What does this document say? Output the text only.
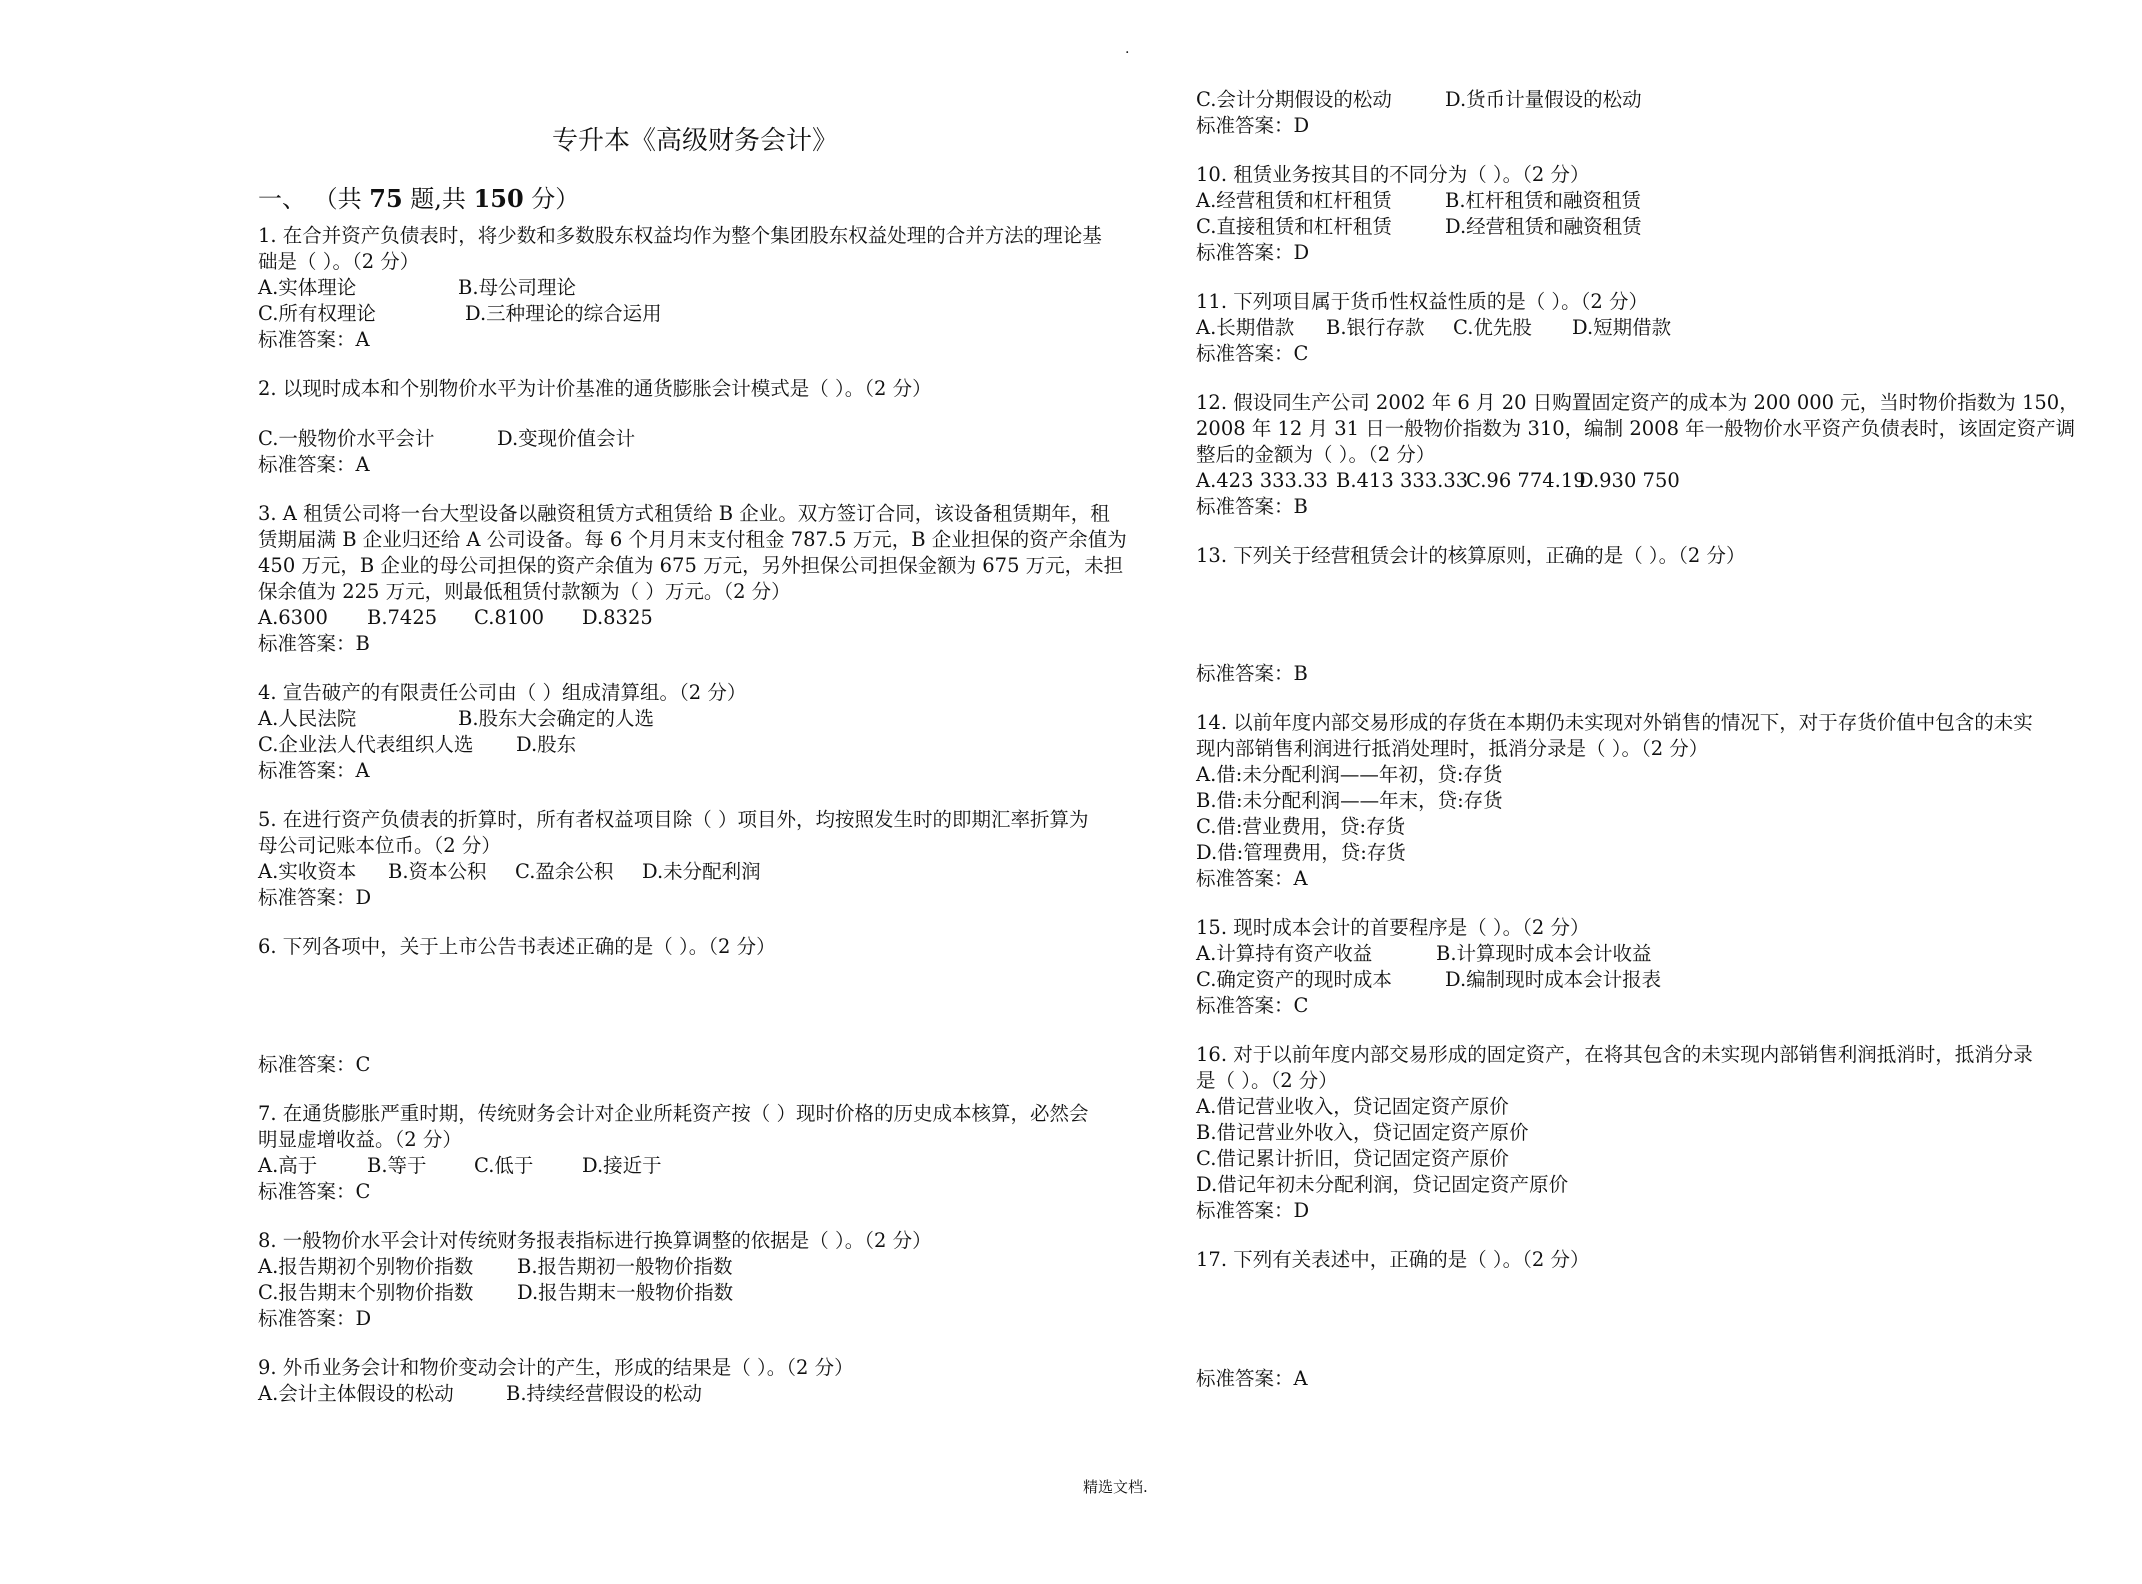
.
专升本《高级财务会计》
一、 （共 75 题,共 150 分）
1. 在合并资产负债表时，将少数和多数股东权益均作为整个集团股东权益处理的合并方法的理论基
础是（ ）。（2 分）
A.实体理论	B.母公司理论
C.所有权理论	D.三种理论的综合运用
标准答案：A
2. 以现时成本和个别物价水平为计价基准的通货膨胀会计模式是（ ）。（2 分）
C.一般物价水平会计	D.变现价值会计
标准答案：A
3. A 租赁公司将一台大型设备以融资租赁方式租赁给 B 企业。双方签订合同，该设备租赁期年，租
赁期届满 B 企业归还给 A 公司设备。每 6 个月月末支付租金 787.5 万元，B 企业担保的资产余值为
450 万元，B 企业的母公司担保的资产余值为 675 万元，另外担保公司担保金额为 675 万元，未担
保余值为 225 万元，则最低租赁付款额为（ ）万元。（2 分）
A.6300 B.7425 C.8100 D.8325
标准答案：B
4. 宣告破产的有限责任公司由（ ）组成清算组。（2 分）
A.人民法院	B.股东大会确定的人选
C.企业法人代表组织人选 D.股东
标准答案：A
5. 在进行资产负债表的折算时，所有者权益项目除（ ）项目外，均按照发生时的即期汇率折算为
母公司记账本位币。（2 分）
A.实收资本 B.资本公积 C.盈余公积 D.未分配利润
标准答案：D
6. 下列各项中，关于上市公告书表述正确的是（ ）。（2 分）
标准答案：C
7. 在通货膨胀严重时期，传统财务会计对企业所耗资产按（ ）现时价格的历史成本核算，必然会
明显虚增收益。（2 分）
A.高于	B.等于 C.低于 D.接近于
标准答案：C
8. 一般物价水平会计对传统财务报表指标进行换算调整的依据是（ ）。（2 分）
A.报告期初个别物价指数 B.报告期初一般物价指数
C.报告期末个别物价指数 D.报告期末一般物价指数
标准答案：D
9. 外币业务会计和物价变动会计的产生，形成的结果是（ ）。（2 分）
A.会计主体假设的松动	B.持续经营假设的松动
C.会计分期假设的松动	D.货币计量假设的松动
标准答案：D
10. 租赁业务按其目的不同分为（ ）。（2 分）
A.经营租赁和杠杆租赁	B.杠杆租赁和融资租赁
C.直接租赁和杠杆租赁	D.经营租赁和融资租赁
标准答案：D
11. 下列项目属于货币性权益性质的是（ ）。（2 分）
A.长期借款 B.银行存款 C.优先股 D.短期借款
标准答案：C
12. 假设同生产公司 2002 年 6 月 20 日购置固定资产的成本为 200 000 元，当时物价指数为 150，
2008 年 12 月 31 日一般物价指数为 310，编制 2008 年一般物价水平资产负债表时，该固定资产调
整后的金额为（ ）。（2 分）
A.423 333.33 B.413 333.33
C.96 774.19
D.930 750
标准答案：B
13. 下列关于经营租赁会计的核算原则，正确的是（ ）。（2 分）
标准答案：B
14. 以前年度内部交易形成的存货在本期仍未实现对外销售的情况下，对于存货价值中包含的未实
现内部销售利润进行抵消处理时，抵消分录是（ ）。（2 分）
A.借:未分配利润——年初，贷:存货
B.借:未分配利润——年末，贷:存货
C.借:营业费用，贷:存货
D.借:管理费用，贷:存货
标准答案：A
15. 现时成本会计的首要程序是（ ）。（2 分）
A.计算持有资产收益	B.计算现时成本会计收益
C.确定资产的现时成本	D.编制现时成本会计报表
标准答案：C
16. 对于以前年度内部交易形成的固定资产，在将其包含的未实现内部销售利润抵消时，抵消分录
是（ ）。（2 分）
A.借记营业收入，贷记固定资产原价
B.借记营业外收入，贷记固定资产原价
C.借记累计折旧，贷记固定资产原价
D.借记年初未分配利润，贷记固定资产原价
标准答案：D
17. 下列有关表述中，正确的是（ ）。（2 分）
标准答案：A
精选文档.
